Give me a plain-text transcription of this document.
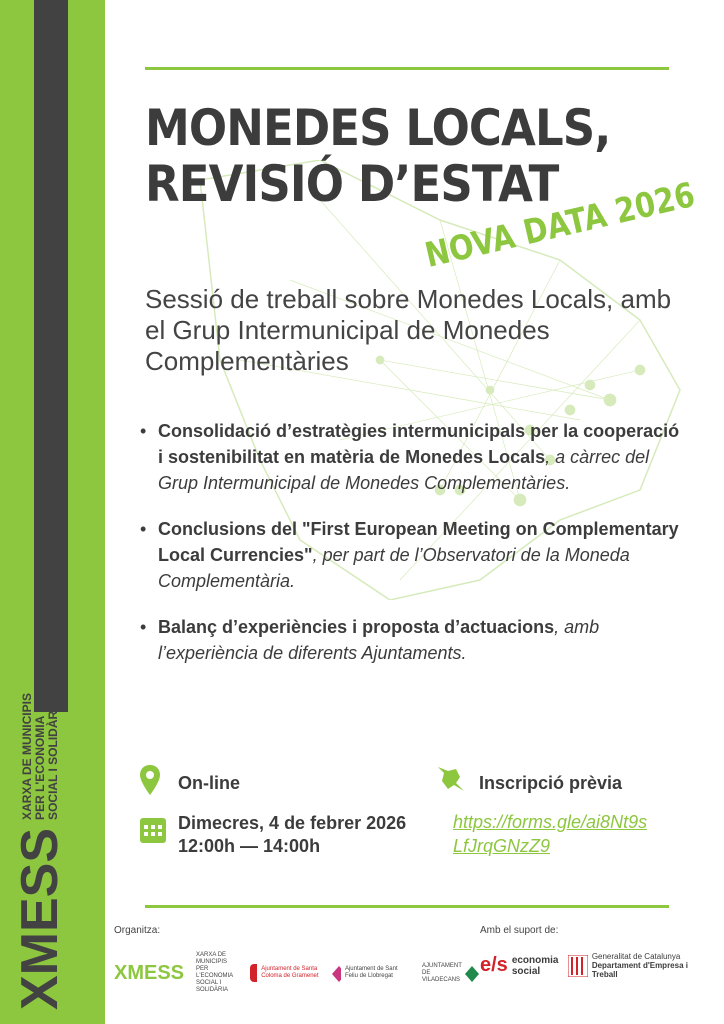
XMESS
XARXA DE MUNICIPIS
PER L'ECONOMIA
SOCIAL I SOLIDÀRIA
MONEDES LOCALS,
REVISIÓ D’ESTAT
NOVA DATA 2026

Sessió de treball sobre Monedes Locals, amb el Grup Intermunicipal de Monedes Complementàries

• Consolidació d’estratègies intermunicipals per la cooperació i sostenibilitat en matèria de Monedes Locals, a càrrec del Grup Intermunicipal de Monedes Complementàries.
• Conclusions del "First European Meeting on Complementary Local Currencies", per part de l’Observatori de la Moneda Complementària.
• Balanç d’experiències i proposta d’actuacions, amb l’experiència de diferents Ajuntaments.
On-line
Dimecres, 4 de febrer 2026
12:00h — 14:00h
Inscripció prèvia
https://forms.gle/ai8Nt9s
LfJrqGNzZ9
Organitza:	Amb el suport de:
XMESS
XARXA DE MUNICIPIS PER L'ECONOMIA SOCIAL I SOLIDÀRIA
Ajuntament de Santa Coloma de Gramenet
Ajuntament de Sant Feliu de Llobregat
AJUNTAMENT DE VILADECANS
e/s economia social
Generalitat de Catalunya
Departament d'Empresa i Treball
